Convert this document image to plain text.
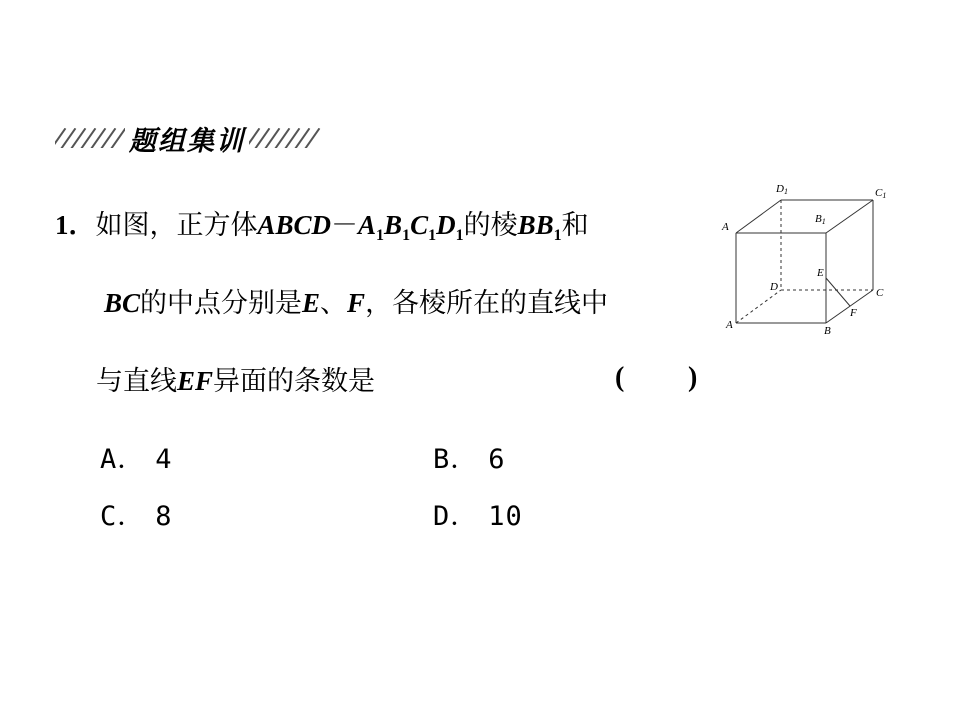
题组集训
1．如图，正方体$ABCD-A_1B_1C_1D_1$的棱$BB_1$和
BC的中点分别是E、F，各棱所在的直线中
与直线EF异面的条数是	( )
A． 4	B． 6
C． 8	D． 10
D1	C1
A
B1
D	C
A	B
E
F
